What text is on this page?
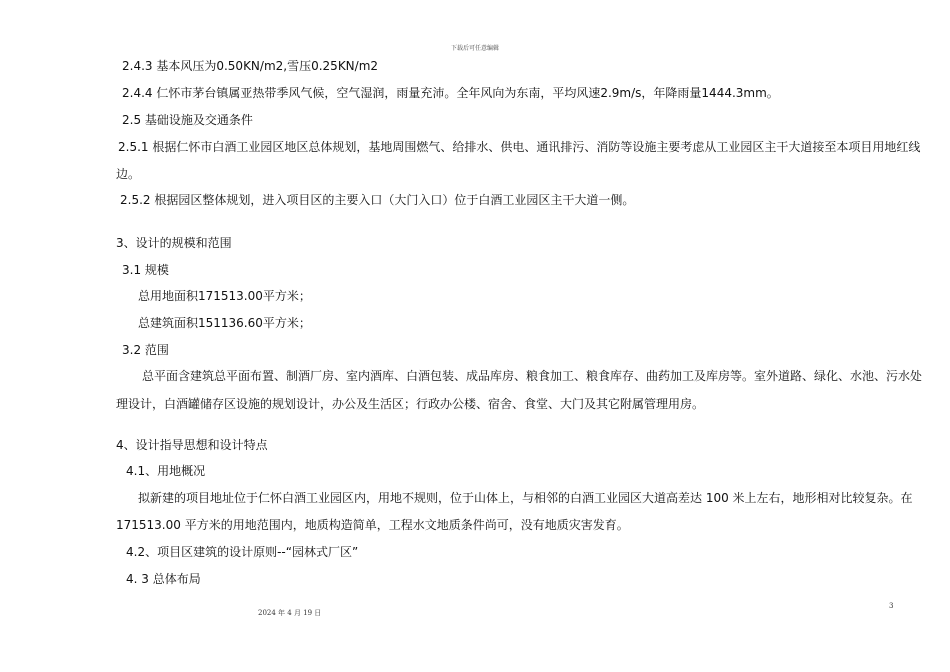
下载后可任意编辑
2.4.3 基本风压为0.50KN/m2,雪压0.25KN/m2
2.4.4 仁怀市茅台镇属亚热带季风气候，空气湿润，雨量充沛。全年风向为东南，平均风速2.9m/s，年降雨量1444.3mm。
2.5 基础设施及交通条件
2.5.1 根据仁怀市白酒工业园区地区总体规划，基地周围燃气、给排水、供电、通讯排污、消防等设施主要考虑从工业园区主干大道接至本项目用地红线
边。
2.5.2 根据园区整体规划，进入项目区的主要入口（大门入口）位于白酒工业园区主干大道一侧。
3、设计的规模和范围
3.1 规模
总用地面积171513.00平方米；
总建筑面积151136.60平方米；
3.2 范围
总平面含建筑总平面布置、制酒厂房、室内酒库、白酒包装、成品库房、粮食加工、粮食库存、曲药加工及库房等。室外道路、绿化、水池、污水处
理设计，白酒罐储存区设施的规划设计，办公及生活区；行政办公楼、宿舍、食堂、大门及其它附属管理用房。
4、设计指导思想和设计特点
4.1、用地概况
拟新建的项目地址位于仁怀白酒工业园区内，用地不规则，位于山体上，与相邻的白酒工业园区大道高差达 100 米上左右，地形相对比较复杂。在
171513.00 平方米的用地范围内，地质构造简单，工程水文地质条件尚可，没有地质灾害发育。
4.2、项目区建筑的设计原则--“园林式厂区”
4. 3 总体布局
2024 年 4 月 19 日
3
